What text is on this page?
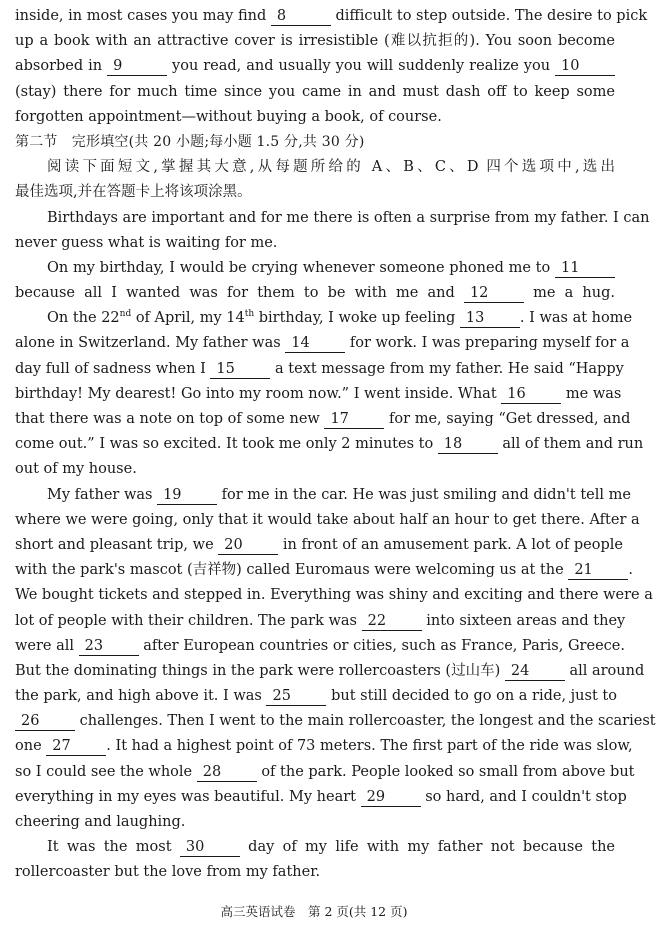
inside, in most cases you may find 8	difficult to step outside. The desire to pick
up a book with an attractive cover is irresistible (难以抗拒的). You soon become
absorbed in 9	you read, and usually you will suddenly realize you 10
(stay) there for much time since you came in and must dash off to keep some
forgotten appointment—without buying a book, of course.
第二节　完形填空(共 20 小题;每小题 1.5 分,共 30 分)
阅读下面短文,掌握其大意,从每题所给的 A、B、C、D 四个选项中,选出
最佳选项,并在答题卡上将该项涂黑。
Birthdays are important and for me there is often a surprise from my father. I can
never guess what is waiting for me.
On my birthday, I would be crying whenever someone phoned me to 11
because all I wanted was for them to be with me and 12 me a hug.
On the 22nd of April, my 14th birthday, I woke up feeling 13 . I was at home
alone in Switzerland. My father was 14 for work. I was preparing myself for a
day full of sadness when I 15 a text message from my father. He said “Happy
birthday! My dearest! Go into my room now.” I went inside. What 16 me was
that there was a note on top of some new 17 for me, saying “Get dressed, and
come out.” I was so excited. It took me only 2 minutes to 18 all of them and run
out of my house.
My father was 19 for me in the car. He was just smiling and didn't tell me
where we were going, only that it would take about half an hour to get there. After a
short and pleasant trip, we 20 in front of an amusement park. A lot of people
with the park's mascot (吉祥物) called Euromaus were welcoming us at the 21 .
We bought tickets and stepped in. Everything was shiny and exciting and there were a
lot of people with their children. The park was 22 into sixteen areas and they
were all 23 after European countries or cities, such as France, Paris, Greece.
But the dominating things in the park were rollercoasters (过山车) 24 all around
the park, and high above it. I was 25 but still decided to go on a ride, just to
26 challenges. Then I went to the main rollercoaster, the longest and the scariest
one 27 . It had a highest point of 73 meters. The first part of the ride was slow,
so I could see the whole 28 of the park. People looked so small from above but
everything in my eyes was beautiful. My heart 29 so hard, and I couldn't stop
cheering and laughing.
It was the most 30 day of my life with my father not because the
rollercoaster but the love from my father.
高三英语试卷　第 2 页(共 12 页)
